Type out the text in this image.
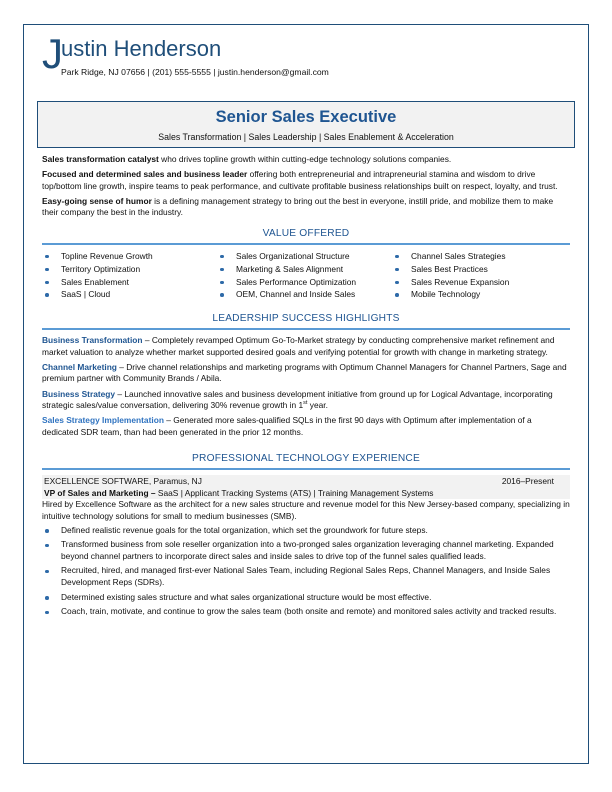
J
ustin Henderson
Park Ridge, NJ 07656 | (201) 555-5555 | justin.henderson@gmail.com
Senior Sales Executive
Sales Transformation | Sales Leadership | Sales Enablement & Acceleration

Sales transformation catalyst who drives topline growth within cutting-edge technology solutions companies.

Focused and determined sales and business leader offering both entrepreneurial and intrapreneurial stamina and wisdom to drive top/bottom line growth, inspire teams to peak performance, and cultivate profitable business relationships built on respect, loyalty, and trust.

Easy-going sense of humor is a defining management strategy to bring out the best in everyone, instill pride, and mobilize them to make their company the best in the industry.

VALUE OFFERED
Topline Revenue Growth
Territory Optimization
Sales Enablement
SaaS | Cloud
Sales Organizational Structure
Marketing & Sales Alignment
Sales Performance Optimization
OEM, Channel and Inside Sales
Channel Sales Strategies
Sales Best Practices
Sales Revenue Expansion
Mobile Technology
LEADERSHIP SUCCESS HIGHLIGHTS

Business Transformation – Completely revamped Optimum Go-To-Market strategy by conducting comprehensive market refinement and market valuation to analyze whether market supported desired goals and verifying potential for growth with change in marketing strategy.

Channel Marketing – Drive channel relationships and marketing programs with Optimum Channel Managers for Channel Partners, Sage and premium partner with Community Brands / Abila.

Business Strategy – Launched innovative sales and business development initiative from ground up for Logical Advantage, incorporating strategic sales/value conversation, delivering 30% revenue growth in 1st year.

Sales Strategy Implementation – Generated more sales-qualified SQLs in the first 90 days with Optimum after implementation of a dedicated SDR team, than had been generated in the prior 12 months.

PROFESSIONAL TECHNOLOGY EXPERIENCE
EXCELLENCE SOFTWARE, Paramus, NJ	2016–Present
VP of Sales and Marketing – SaaS | Applicant Tracking Systems (ATS) | Training Management Systems

Hired by Excellence Software as the architect for a new sales structure and revenue model for this New Jersey-based company, specializing in intuitive technology solutions for small to medium businesses (SMB).

Defined realistic revenue goals for the total organization, which set the groundwork for future steps.
Transformed business from sole reseller organization into a two-pronged sales organization leveraging channel marketing. Expanded beyond channel partners to incorporate direct sales and inside sales to drive top of the funnel sales qualified leads.
Recruited, hired, and managed first-ever National Sales Team, including Regional Sales Reps, Channel Managers, and Inside Sales Development Reps (SDRs).
Determined existing sales structure and what sales organizational structure would be most effective.
Coach, train, motivate, and continue to grow the sales team (both onsite and remote) and monitored sales activity and tracked results.
